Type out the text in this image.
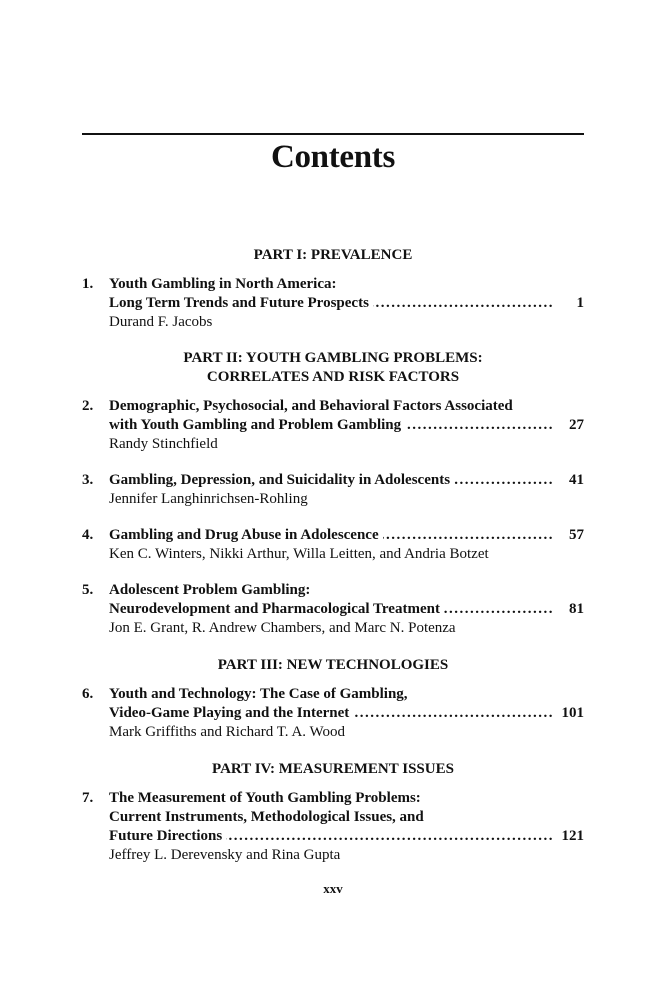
Contents
PART I: PREVALENCE
1. Youth Gambling in North America:
Long Term Trends and Future Prospects .....	1
Durand F. Jacobs
PART II: YOUTH GAMBLING PROBLEMS:
CORRELATES AND RISK FACTORS
2. Demographic, Psychosocial, and Behavioral Factors Associated
with Youth Gambling and Problem Gambling .....	27
Randy Stinchfield
3. Gambling, Depression, and Suicidality in Adolescents .....	41
Jennifer Langhinrichsen-Rohling
4. Gambling and Drug Abuse in Adolescence .....	57
Ken C. Winters, Nikki Arthur, Willa Leitten, and Andria Botzet
5. Adolescent Problem Gambling:
Neurodevelopment and Pharmacological Treatment .....	81
Jon E. Grant, R. Andrew Chambers, and Marc N. Potenza
PART III: NEW TECHNOLOGIES
6. Youth and Technology: The Case of Gambling,
Video-Game Playing and the Internet .....	101
Mark Griffiths and Richard T. A. Wood
PART IV: MEASUREMENT ISSUES
7. The Measurement of Youth Gambling Problems:
Current Instruments, Methodological Issues, and
Future Directions .....	121
Jeffrey L. Derevensky and Rina Gupta
xxv
